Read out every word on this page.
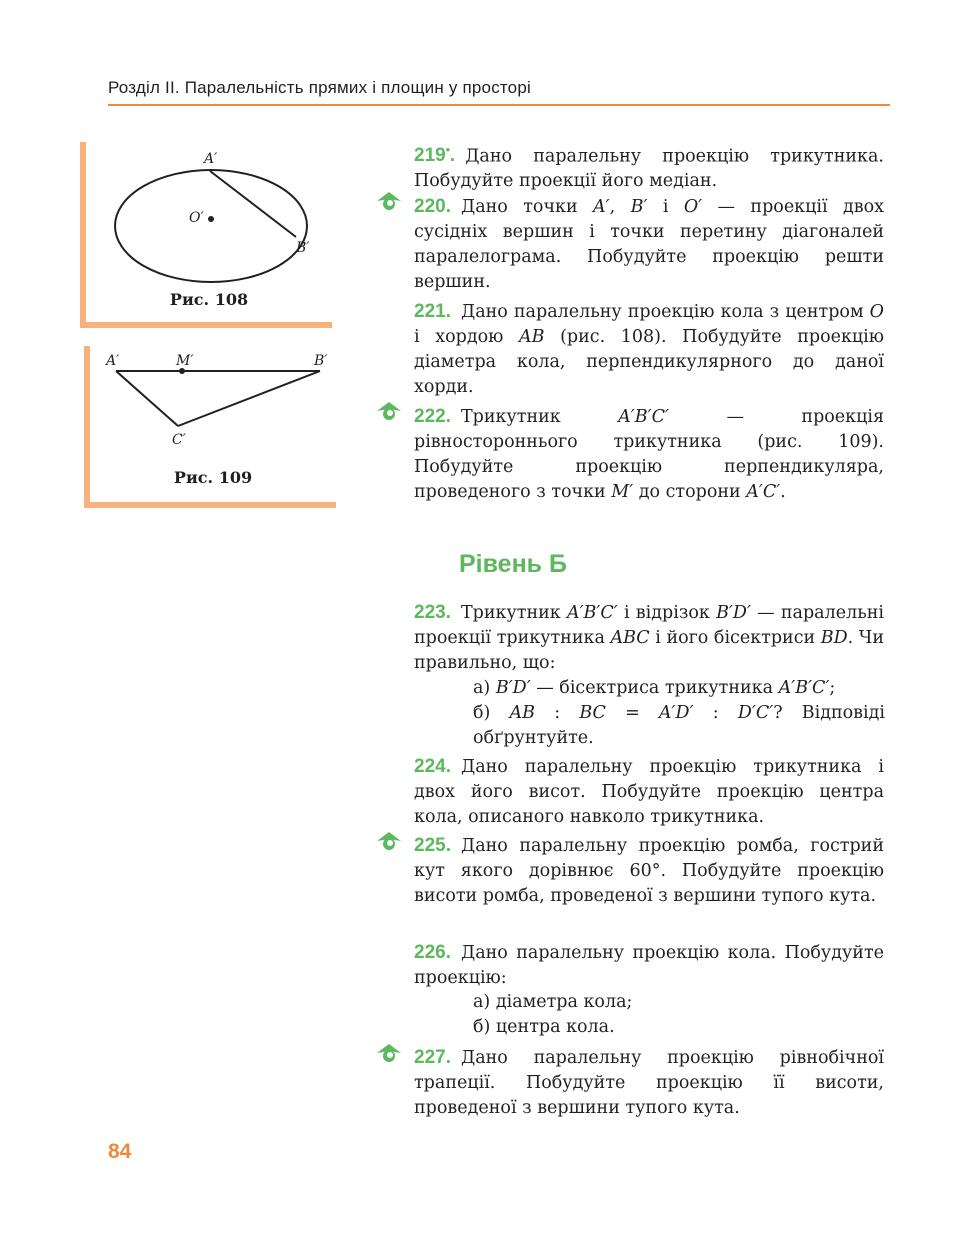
Розділ II. Паралельність прямих і площин у просторі
A′
O′
B′
Рис. 108
A′	M′	B′
C′
Рис. 109
219•. Дано паралельну проекцію трикутника. Побудуйте проекції його медіан.
220. Дано точки A′, B′ і O′ — проекції двох сусідніх вершин і точки перетину діагоналей паралелограма. Побудуйте проекцію решти вершин.
221. Дано паралельну проекцію кола з центром O і хордою AB (рис. 108). Побудуйте проекцію діаметра кола, перпендикулярного до даної хорди.
222. Трикутник A′B′C′ — проекція рівностороннього трикутника (рис. 109). Побудуйте проекцію перпендикуляра, проведеного з точки M′ до сторони A′C′.
Рівень Б
223. Трикутник A′B′C′ і відрізок B′D′ — паралельні проекції трикутника ABC і його бісектриси BD. Чи правильно, що:
а) B′D′ — бісектриса трикутника A′B′C′;
б) AB : BC = A′D′ : D′C′? Відповіді обґрунтуйте.
224. Дано паралельну проекцію трикутника і двох його висот. Побудуйте проекцію центра кола, описаного навколо трикутника.
225. Дано паралельну проекцію ромба, гострий кут якого дорівнює 60°. Побудуйте проекцію висоти ромба, проведеної з вершини тупого кута.
226. Дано паралельну проекцію кола. Побудуйте проекцію:
а) діаметра кола;
б) центра кола.
227. Дано паралельну проекцію рівнобічної трапеції. Побудуйте проекцію її висоти, проведеної з вершини тупого кута.
84
